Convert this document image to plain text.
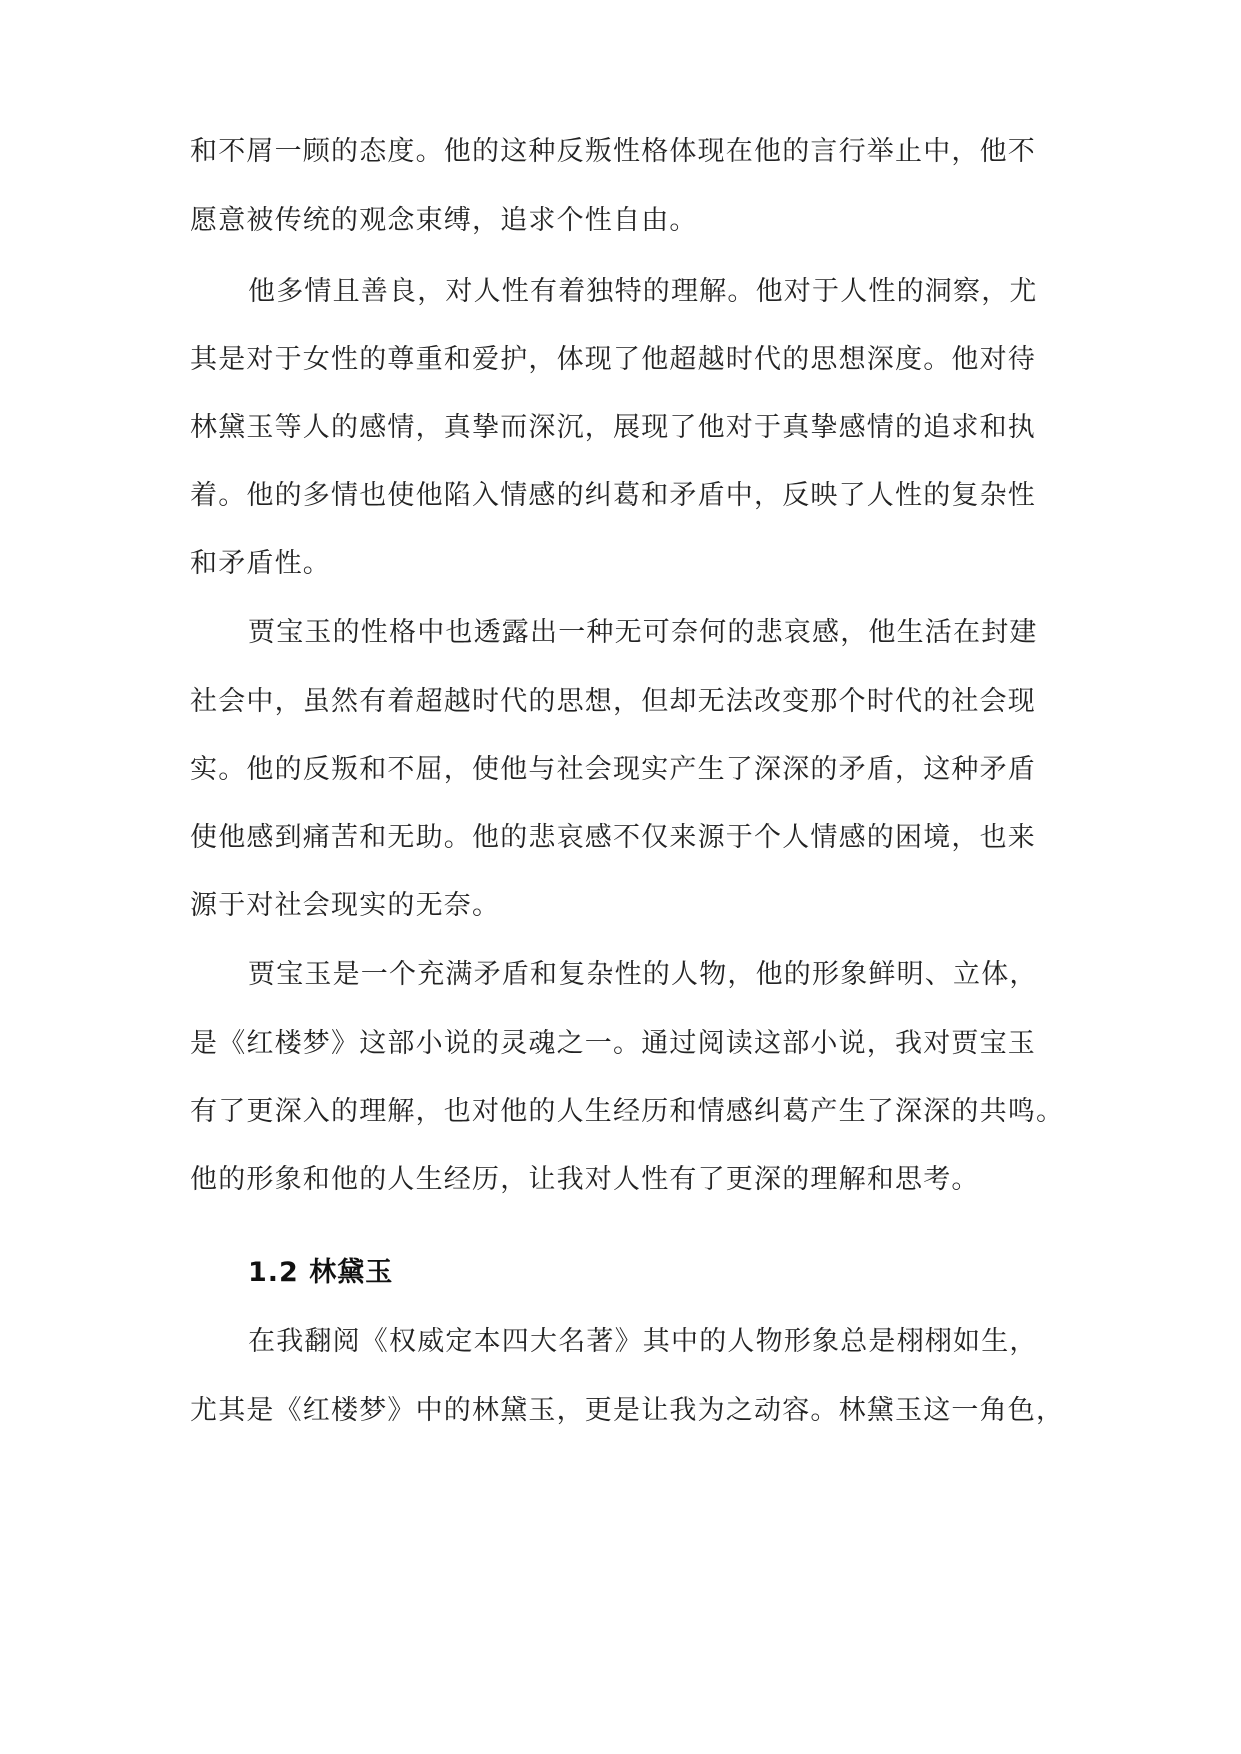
和不屑一顾的态度。他的这种反叛性格体现在他的言行举止中，他不
愿意被传统的观念束缚，追求个性自由。
他多情且善良，对人性有着独特的理解。他对于人性的洞察，尤
其是对于女性的尊重和爱护，体现了他超越时代的思想深度。他对待
林黛玉等人的感情，真挚而深沉，展现了他对于真挚感情的追求和执
着。他的多情也使他陷入情感的纠葛和矛盾中，反映了人性的复杂性
和矛盾性。
贾宝玉的性格中也透露出一种无可奈何的悲哀感，他生活在封建
社会中，虽然有着超越时代的思想，但却无法改变那个时代的社会现
实。他的反叛和不屈，使他与社会现实产生了深深的矛盾，这种矛盾
使他感到痛苦和无助。他的悲哀感不仅来源于个人情感的困境，也来
源于对社会现实的无奈。
贾宝玉是一个充满矛盾和复杂性的人物，他的形象鲜明、立体，
是《红楼梦》这部小说的灵魂之一。通过阅读这部小说，我对贾宝玉
有了更深入的理解，也对他的人生经历和情感纠葛产生了深深的共鸣。
他的形象和他的人生经历，让我对人性有了更深的理解和思考。
1.2 林黛玉
在我翻阅《权威定本四大名著》其中的人物形象总是栩栩如生，
尤其是《红楼梦》中的林黛玉，更是让我为之动容。林黛玉这一角色，
